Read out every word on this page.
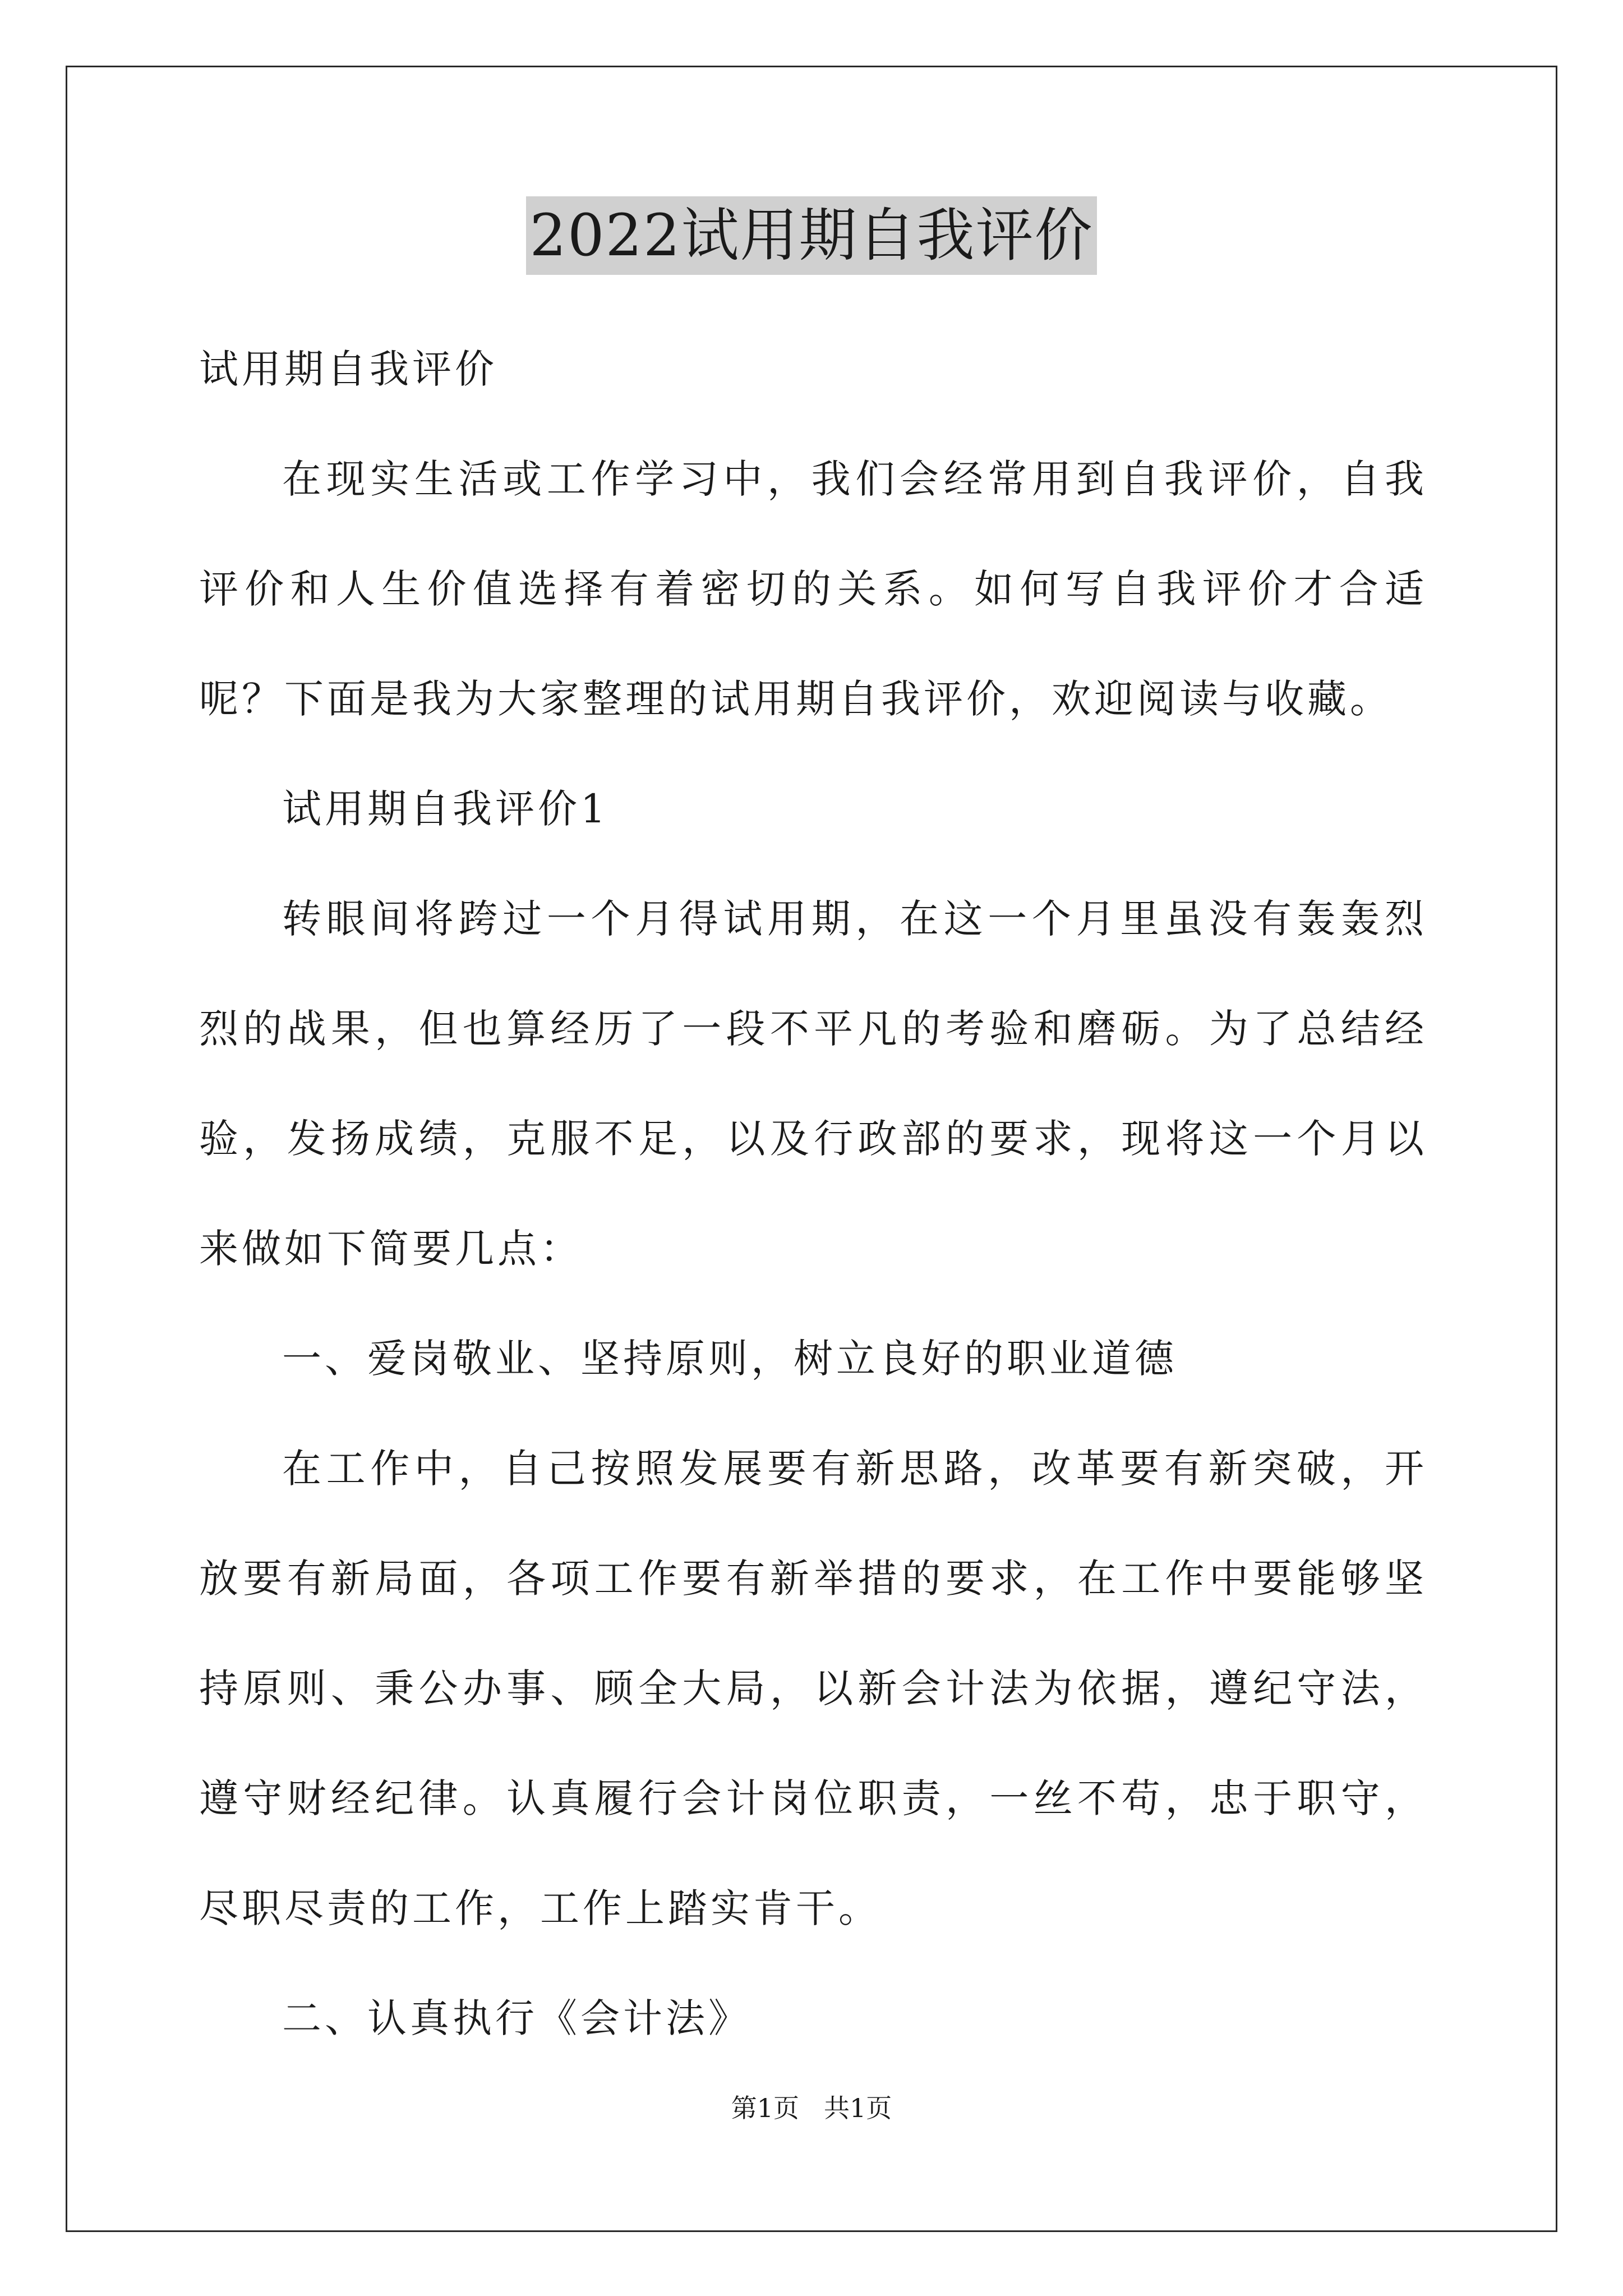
2022试用期自我评价

试用期自我评价

在现实生活或工作学习中，我们会经常用到自我评价，自我评价和人生价值选择有着密切的关系。如何写自我评价才合适呢？下面是我为大家整理的试用期自我评价，欢迎阅读与收藏。

试用期自我评价1

转眼间将跨过一个月得试用期，在这一个月里虽没有轰轰烈烈的战果，但也算经历了一段不平凡的考验和磨砺。为了总结经验，发扬成绩，克服不足，以及行政部的要求，现将这一个月以来做如下简要几点：

一、爱岗敬业、坚持原则，树立良好的职业道德

在工作中，自己按照发展要有新思路，改革要有新突破，开放要有新局面，各项工作要有新举措的要求，在工作中要能够坚持原则、秉公办事、顾全大局，以新会计法为依据，遵纪守法，遵守财经纪律。认真履行会计岗位职责，一丝不苟，忠于职守，尽职尽责的工作，工作上踏实肯干。

二、认真执行《会计法》

第1页 共1页
